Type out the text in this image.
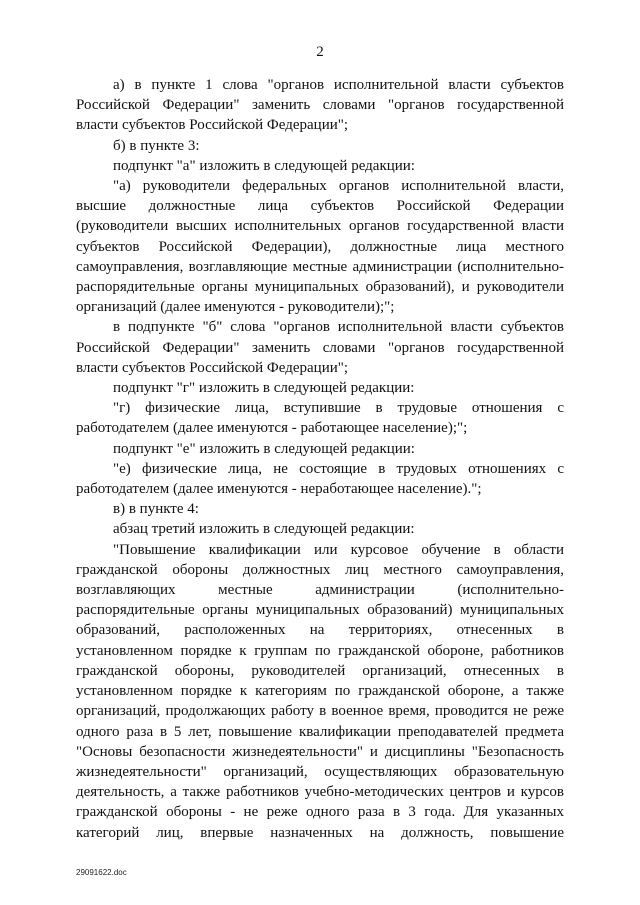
2
а) в пункте 1 слова "органов исполнительной власти субъектов
Российской Федерации" заменить словами "органов государственной
власти субъектов Российской Федерации";
б) в пункте 3:
подпункт "а" изложить в следующей редакции:
"а) руководители федеральных органов исполнительной власти,
высшие должностные лица субъектов Российской Федерации
(руководители высших исполнительных органов государственной власти
субъектов Российской Федерации), должностные лица местного
самоуправления, возглавляющие местные администрации (исполнительно-
распорядительные органы муниципальных образований), и руководители
организаций (далее именуются - руководители);";
в подпункте "б" слова "органов исполнительной власти субъектов
Российской Федерации" заменить словами "органов государственной
власти субъектов Российской Федерации";
подпункт "г" изложить в следующей редакции:
"г) физические лица, вступившие в трудовые отношения с
работодателем (далее именуются - работающее население);";
подпункт "е" изложить в следующей редакции:
"е) физические лица, не состоящие в трудовых отношениях с
работодателем (далее именуются - неработающее население).";
в) в пункте 4:
абзац третий изложить в следующей редакции:
"Повышение квалификации или курсовое обучение в области
гражданской обороны должностных лиц местного самоуправления,
возглавляющих местные администрации (исполнительно-
распорядительные органы муниципальных образований) муниципальных
образований, расположенных на территориях, отнесенных в
установленном порядке к группам по гражданской обороне, работников
гражданской обороны, руководителей организаций, отнесенных в
установленном порядке к категориям по гражданской обороне, а также
организаций, продолжающих работу в военное время, проводится не реже
одного раза в 5 лет, повышение квалификации преподавателей предмета
"Основы безопасности жизнедеятельности" и дисциплины "Безопасность
жизнедеятельности" организаций, осуществляющих образовательную
деятельность, а также работников учебно-методических центров и курсов
гражданской обороны - не реже одного раза в 3 года. Для указанных
категорий лиц, впервые назначенных на должность, повышение
29091622.doc
